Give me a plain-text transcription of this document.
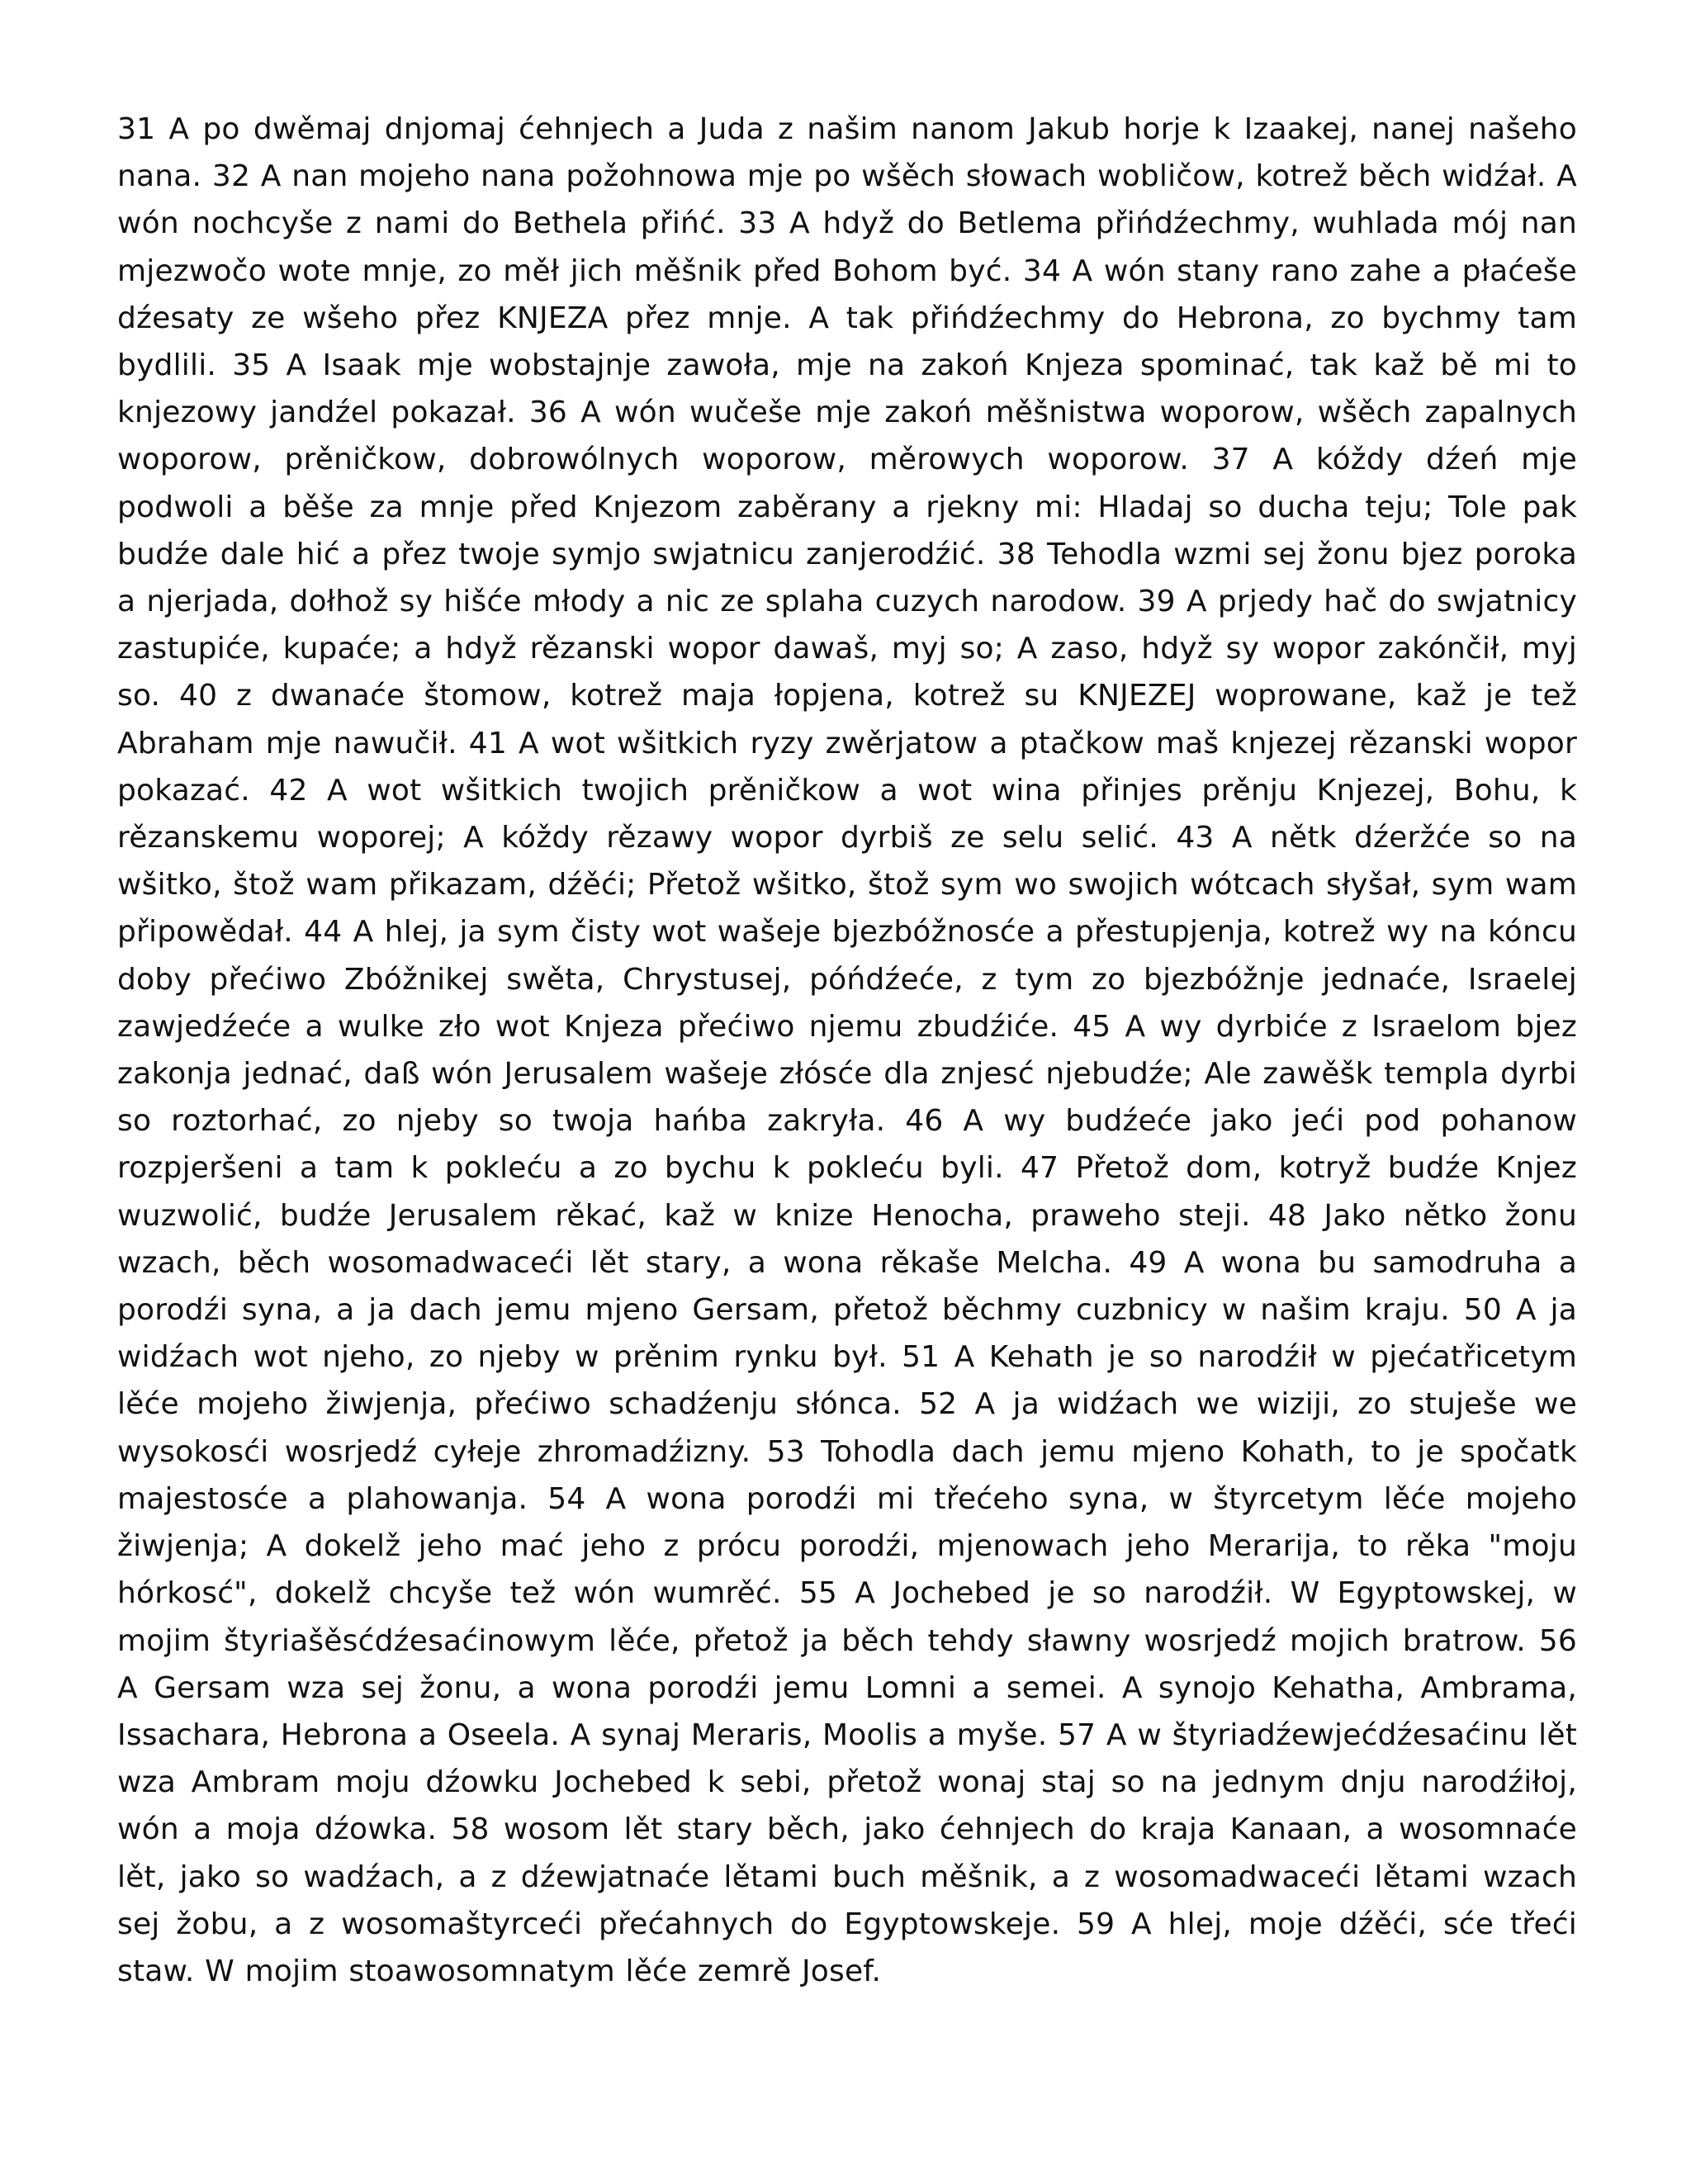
31 A po dwěmaj dnjomaj ćehnjech a Juda z našim nanom Jakub horje k Izaakej, nanej našeho nana. 32 A nan mojeho nana požohnowa mje po wšěch słowach wobličow, kotrež běch widźał. A wón nochcyše z nami do Bethela přińć. 33 A hdyž do Betlema přińdźechmy, wuhlada mój nan mjezwočo wote mnje, zo měł jich měšnik před Bohom być. 34 A wón stany rano zahe a płaćeše dźesaty ze wšeho přez KNJEZA přez mnje. A tak přińdźechmy do Hebrona, zo bychmy tam bydlili. 35 A Isaak mje wobstajnje zawoła, mje na zakoń Knjeza spominać, tak kaž bě mi to knjezowy jandźel pokazał. 36 A wón wučeše mje zakoń měšnistwa woporow, wšěch zapalnych woporow, prěničkow, dobrowólnych woporow, měrowych woporow. 37 A kóždy dźeń mje podwoli a běše za mnje před Knjezom zaběrany a rjekny mi: Hladaj so ducha teju; Tole pak budźe dale hić a přez twoje symjo swjatnicu zanjerodźić. 38 Tehodla wzmi sej žonu bjez poroka a njerjada, dołhož sy hišće młody a nic ze splaha cuzych narodow. 39 A prjedy hač do swjatnicy zastupiće, kupaće; a hdyž rězanski wopor dawaš, myj so; A zaso, hdyž sy wopor zakónčił, myj so. 40 z dwanaće štomow, kotrež maja łopjena, kotrež su KNJEZEJ woprowane, kaž je tež Abraham mje nawučił. 41 A wot wšitkich ryzy zwěrjatow a ptačkow maš knjezej rězanski wopor pokazać. 42 A wot wšitkich twojich prěničkow a wot wina přinjes prěnju Knjezej, Bohu, k rězanskemu woporej; A kóždy rězawy wopor dyrbiš ze selu selić. 43 A nětk dźeržće so na wšitko, štož wam přikazam, dźěći; Přetož wšitko, štož sym wo swojich wótcach słyšał, sym wam připowědał. 44 A hlej, ja sym čisty wot wašeje bjezbóžnosće a přestupjenja, kotrež wy na kóncu doby přećiwo Zbóžnikej swěta, Chrystusej, póńdźeće, z tym zo bjezbóžnje jednaće, Israelej zawjedźeće a wulke zło wot Knjeza přećiwo njemu zbudźiće. 45 A wy dyrbiće z Israelom bjez zakonja jednać, daß wón Jerusalem wašeje złósće dla znjesć njebudźe; Ale zawěšk templa dyrbi so roztorhać, zo njeby so twoja hańba zakryła. 46 A wy budźeće jako jeći pod pohanow rozpjeršeni a tam k pokleću a zo bychu k pokleću byli. 47 Přetož dom, kotryž budźe Knjez wuzwolić, budźe Jerusalem rěkać, kaž w knize Henocha, praweho steji. 48 Jako nětko žonu wzach, běch wosomadwaceći lět stary, a wona rěkaše Melcha. 49 A wona bu samodruha a porodźi syna, a ja dach jemu mjeno Gersam, přetož běchmy cuzbnicy w našim kraju. 50 A ja widźach wot njeho, zo njeby w prěnim rynku był. 51 A Kehath je so narodźił w pjećatřicetym lěće mojeho žiwjenja, přećiwo schadźenju słónca. 52 A ja widźach we wiziji, zo stuješe we wysokosći wosrjedź cyłeje zhromadźizny. 53 Tohodla dach jemu mjeno Kohath, to je spočatk majestosće a plahowanja. 54 A wona porodźi mi třećeho syna, w štyrcetym lěće mojeho žiwjenja; A dokelž jeho mać jeho z prócu porodźi, mjenowach jeho Merarija, to rěka "moju hórkosć", dokelž chcyše tež wón wumrěć. 55 A Jochebed je so narodźił. W Egyptowskej, w mojim štyriašěsćdźesaćinowym lěće, přetož ja běch tehdy sławny wosrjedź mojich bratrow. 56 A Gersam wza sej žonu, a wona porodźi jemu Lomni a semei. A synojo Kehatha, Ambrama, Issachara, Hebrona a Oseela. A synaj Meraris, Moolis a myše. 57 A w štyriadźewjećdźesaćinu lět wza Ambram moju dźowku Jochebed k sebi, přetož wonaj staj so na jednym dnju narodźiłoj, wón a moja dźowka. 58 wosom lět stary běch, jako ćehnjech do kraja Kanaan, a wosomnaće lět, jako so wadźach, a z dźewjatnaće lětami buch měšnik, a z wosomadwaceći lětami wzach sej žobu, a z wosomaštyrceći přećahnych do Egyptowskeje. 59 A hlej, moje dźěći, sće třeći staw. W mojim stoawosomnatym lěće zemrě Josef.
